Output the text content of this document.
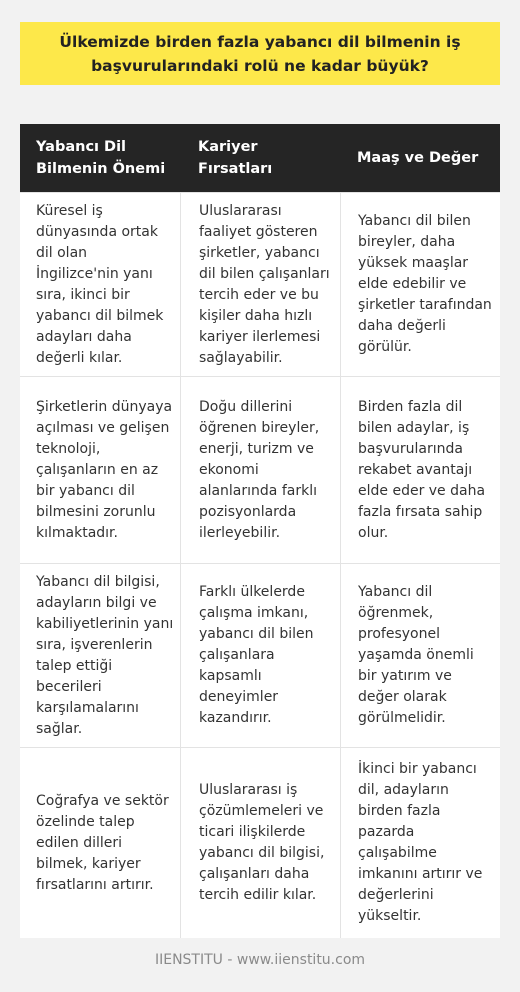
Ülkemizde birden fazla yabancı dil bilmenin iş başvurularındaki rolü ne kadar büyük?
Yabancı Dil Bilmenin Önemi
Kariyer Fırsatları
Maaş ve Değer
Küresel iş dünyasında ortak dil olan İngilizce'nin yanı sıra, ikinci bir yabancı dil bilmek adayları daha değerli kılar.
Uluslararası faaliyet gösteren şirketler, yabancı dil bilen çalışanları tercih eder ve bu kişiler daha hızlı kariyer ilerlemesi sağlayabilir.
Yabancı dil bilen bireyler, daha yüksek maaşlar elde edebilir ve şirketler tarafından daha değerli görülür.
Şirketlerin dünyaya açılması ve gelişen teknoloji, çalışanların en az bir yabancı dil bilmesini zorunlu kılmaktadır.
Doğu dillerini öğrenen bireyler, enerji, turizm ve ekonomi alanlarında farklı pozisyonlarda ilerleyebilir.
Birden fazla dil bilen adaylar, iş başvurularında rekabet avantajı elde eder ve daha fazla fırsata sahip olur.
Yabancı dil bilgisi, adayların bilgi ve kabiliyetlerinin yanı sıra, işverenlerin talep ettiği becerileri karşılamalarını sağlar.
Farklı ülkelerde çalışma imkanı, yabancı dil bilen çalışanlara kapsamlı deneyimler kazandırır.
Yabancı dil öğrenmek, profesyonel yaşamda önemli bir yatırım ve değer olarak görülmelidir.
Coğrafya ve sektör özelinde talep edilen dilleri bilmek, kariyer fırsatlarını artırır.
Uluslararası iş çözümlemeleri ve ticari ilişkilerde yabancı dil bilgisi, çalışanları daha tercih edilir kılar.
İkinci bir yabancı dil, adayların birden fazla pazarda çalışabilme imkanını artırır ve değerlerini yükseltir.
IIENSTITU - www.iienstitu.com
